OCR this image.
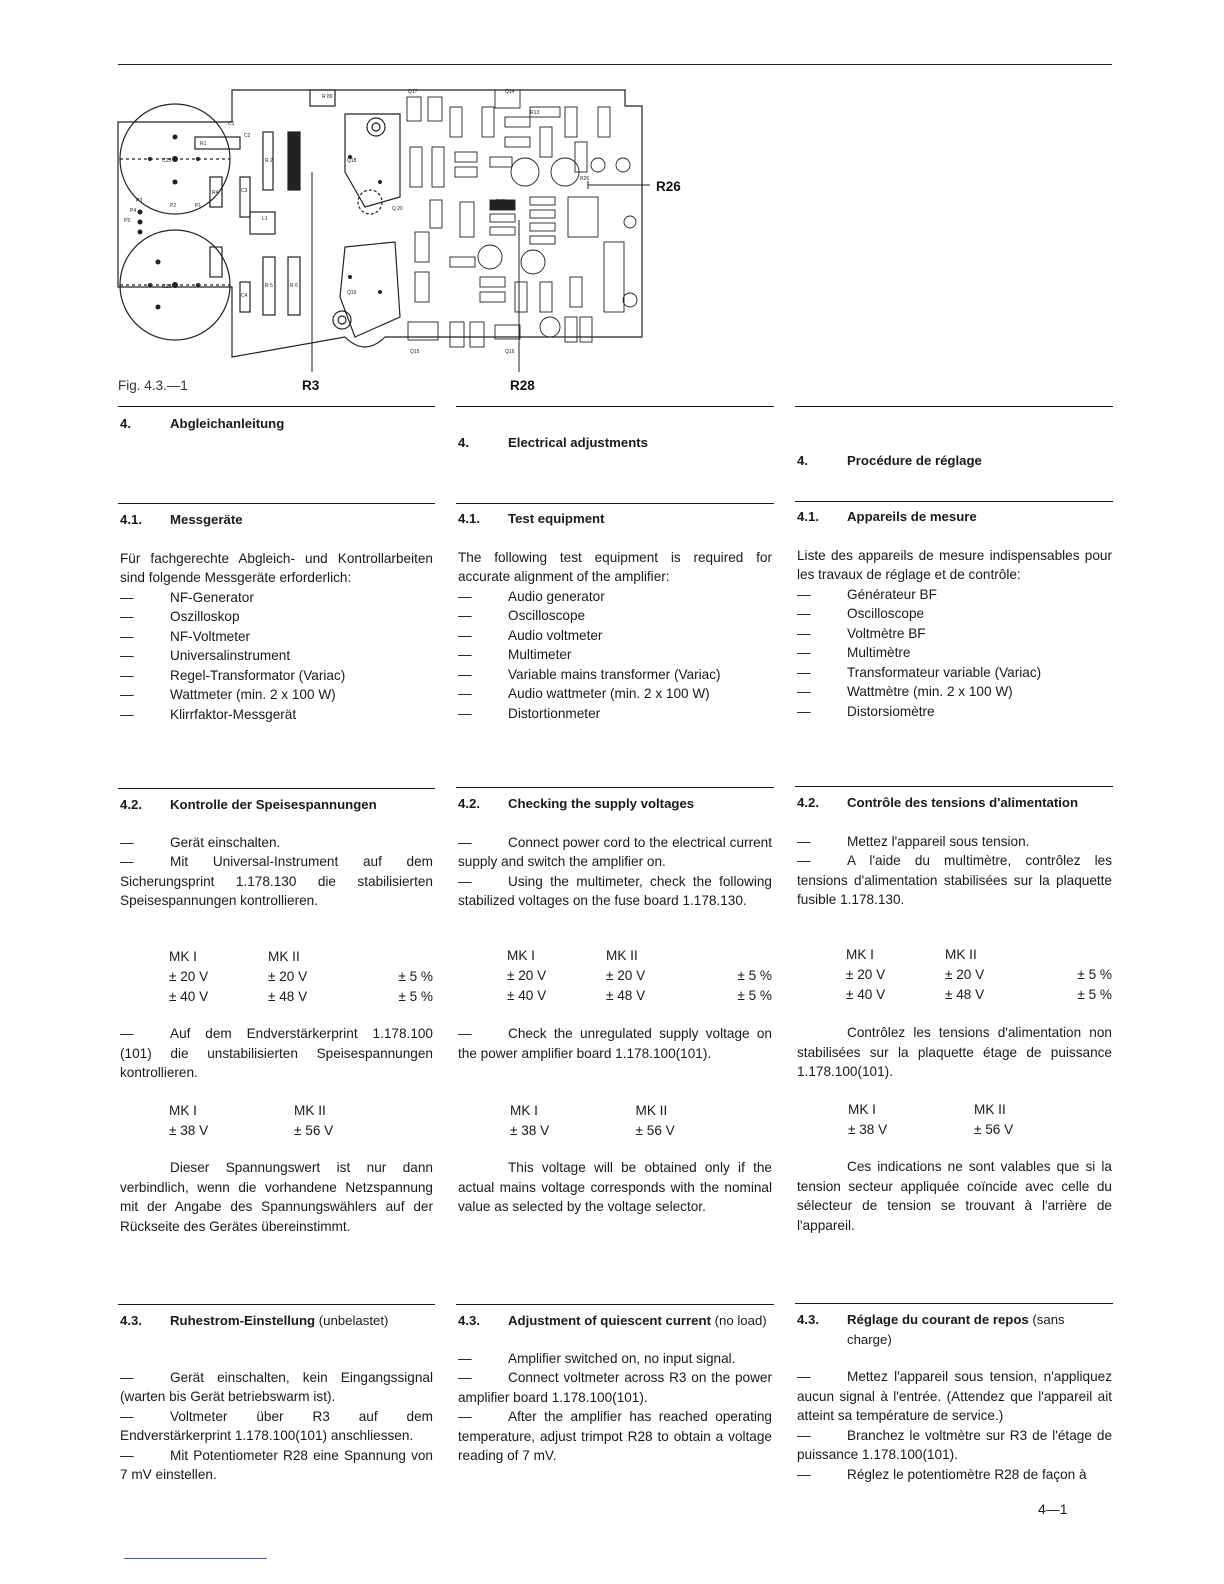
R 80
Q17	Q14
Q 20
Q15	Q16
C1
C25
C26
L1
C2
C3
C4
R26
R28
R 2	R 3
R 5	R 6
R1
P5
P4
P3
Q18
Q19
P2	P1
R4
R13
R26
R3	R28
Fig. 4.3.—1
4.	Abgleichanleitung
4.	Electrical adjustments
4.	Procédure de réglage
4.1. Messgeräte

Für fachgerechte Abgleich- und Kontrollarbeiten sind folgende Messgeräte erforderlich:

—	NF-Generator
—	Oszilloskop
—	NF-Voltmeter
—	Universalinstrument
—	Regel-Transformator (Variac)
—	Wattmeter (min. 2 x 100 W)
—	Klirrfaktor-Messgerät
4.1. Test equipment

The following test equipment is required for accurate alignment of the amplifier:

—	Audio generator
—	Oscilloscope
—	Audio voltmeter
—	Multimeter
—	Variable mains transformer (Variac)
—	Audio wattmeter (min. 2 x 100 W)
—	Distortionmeter
4.1. Appareils de mesure

Liste des appareils de mesure indispensables pour les travaux de réglage et de contrôle:

—	Générateur BF
—	Oscilloscope
—	Voltmètre BF
—	Multimètre
—	Transformateur variable (Variac)
—	Wattmètre (min. 2 x 100 W)
—	Distorsiomètre
4.2. Kontrolle der Speisespannungen

—	Gerät einschalten.

—	Mit Universal-Instrument auf dem Sicherungsprint 1.178.130 die stabilisierten Speisespannungen kontrollieren.

MK I	MK II	
± 20 V	± 20 V	± 5 %
± 40 V	± 48 V	± 5 %

—	Auf dem Endverstärkerprint 1.178.100 (101) die unstabilisierten Speisespannungen kontrollieren.

MK I	MK II
± 38 V	± 56 V

Dieser Spannungswert ist nur dann verbindlich, wenn die vorhandene Netzspannung mit der Angabe des Spannungswählers auf der Rückseite des Gerätes übereinstimmt.

4.2. Checking the supply voltages

—	Connect power cord to the electrical current supply and switch the amplifier on.

—	Using the multimeter, check the following stabilized voltages on the fuse board 1.178.130.

MK I	MK II	
± 20 V	± 20 V	± 5 %
± 40 V	± 48 V	± 5 %

—	Check the unregulated supply voltage on the power amplifier board 1.178.100(101).

MK I	MK II
± 38 V	± 56 V

This voltage will be obtained only if the actual mains voltage corresponds with the nominal value as selected by the voltage selector.

4.2. Contrôle des tensions d'alimentation

—	Mettez l'appareil sous tension.

—	A l'aide du multimètre, contrôlez les tensions d'alimentation stabilisées sur la plaquette fusible 1.178.130.

MK I	MK II	
± 20 V	± 20 V	± 5 %
± 40 V	± 48 V	± 5 %

Contrôlez les tensions d'alimentation non stabilisées sur la plaquette étage de puissance 1.178.100(101).

MK I	MK II
± 38 V	± 56 V

Ces indications ne sont valables que si la tension secteur appliquée coïncide avec celle du sélecteur de tension se trouvant à l'arrière de l'appareil.

4.3. Ruhestrom-Einstellung (unbelastet)

—	Gerät einschalten, kein Eingangssignal (warten bis Gerät betriebswarm ist).

—	Voltmeter über R3 auf dem Endverstärkerprint 1.178.100(101) anschliessen.

—	Mit Potentiometer R28 eine Spannung von 7 mV einstellen.

4.3. Adjustment of quiescent current (no load)

—	Amplifier switched on, no input signal.

—	Connect voltmeter across R3 on the power amplifier board 1.178.100(101).

—	After the amplifier has reached operating temperature, adjust trimpot R28 to obtain a voltage reading of 7 mV.

4.3. Réglage du courant de repos (sans charge)

—	Mettez l'appareil sous tension, n'appliquez aucun signal à l'entrée. (Attendez que l'appareil ait atteint sa température de service.)

—	Branchez le voltmètre sur R3 de l'étage de puissance 1.178.100(101).

—	Réglez le potentiomètre R28 de façon à

4—1
